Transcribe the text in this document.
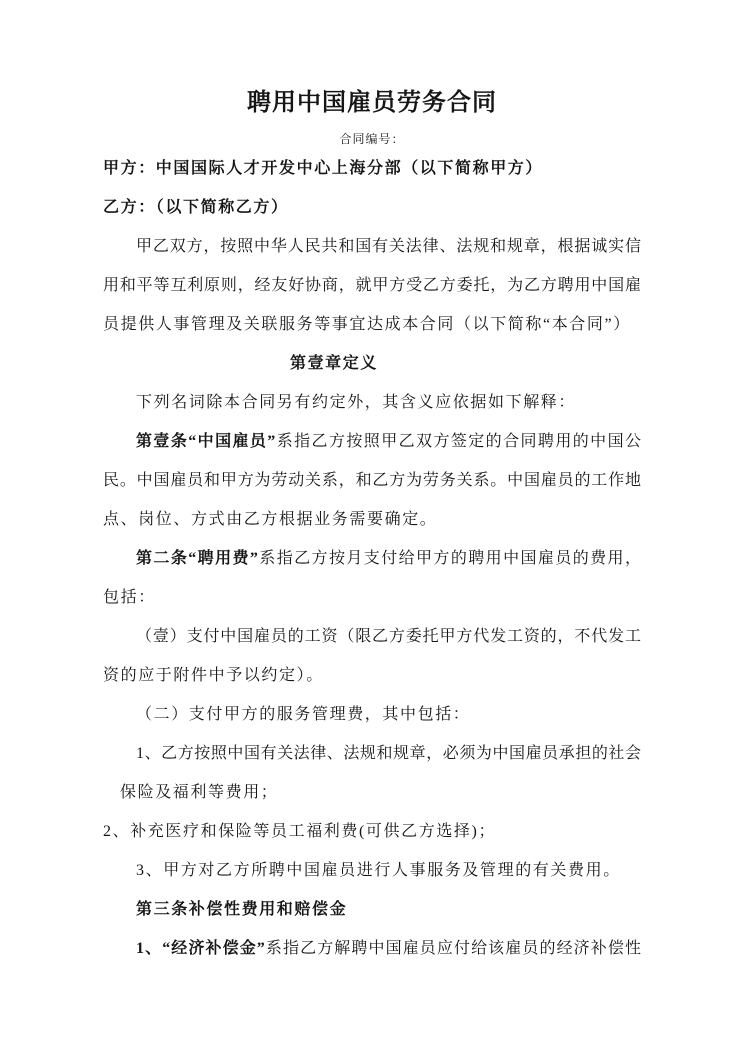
聘用中国雇员劳务合同
合同编号：
甲方：中国国际人才开发中心上海分部（以下简称甲方）
乙方：（以下简称乙方）
甲乙双方，按照中华人民共和国有关法律、法规和规章，根据诚实信
用和平等互利原则，经友好协商，就甲方受乙方委托，为乙方聘用中国雇
员提供人事管理及关联服务等事宜达成本合同（以下简称“本合同”）
第壹章定义
下列名词除本合同另有约定外，其含义应依据如下解释：
第壹条“中国雇员”系指乙方按照甲乙双方签定的合同聘用的中国公
民。中国雇员和甲方为劳动关系，和乙方为劳务关系。中国雇员的工作地
点、岗位、方式由乙方根据业务需要确定。
第二条“聘用费”系指乙方按月支付给甲方的聘用中国雇员的费用，
包括：
（壹）支付中国雇员的工资（限乙方委托甲方代发工资的，不代发工
资的应于附件中予以约定）。
（二）支付甲方的服务管理费，其中包括：
1、乙方按照中国有关法律、法规和规章，必须为中国雇员承担的社会
保险及福利等费用；
2、补充医疗和保险等员工福利费(可供乙方选择)；
3、甲方对乙方所聘中国雇员进行人事服务及管理的有关费用。
第三条补偿性费用和赔偿金
1、“经济补偿金”系指乙方解聘中国雇员应付给该雇员的经济补偿性
